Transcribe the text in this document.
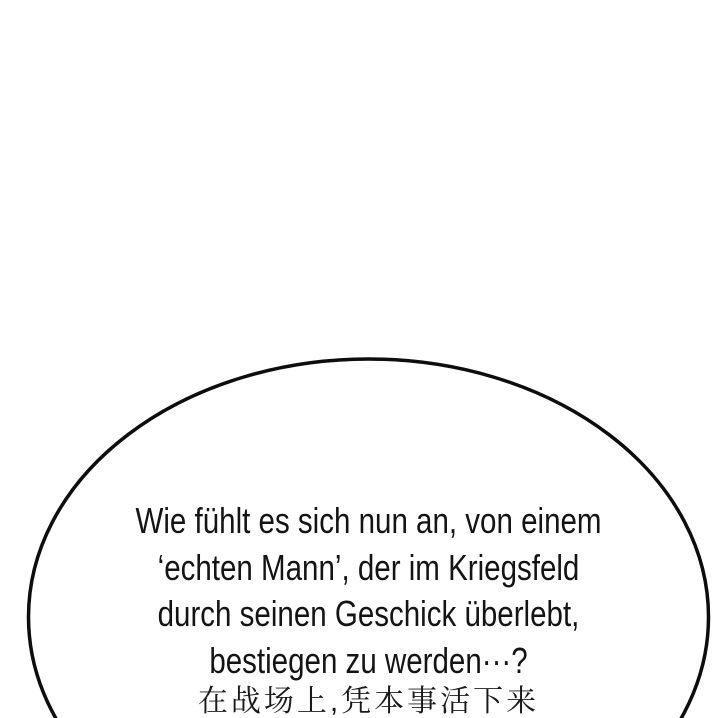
Wie fühlt es sich nun an, von einem
‘echten Mann’, der im Kriegsfeld
durch seinen Geschick überlebt,
bestiegen zu werden···?
在战场上,凭本事活下来
